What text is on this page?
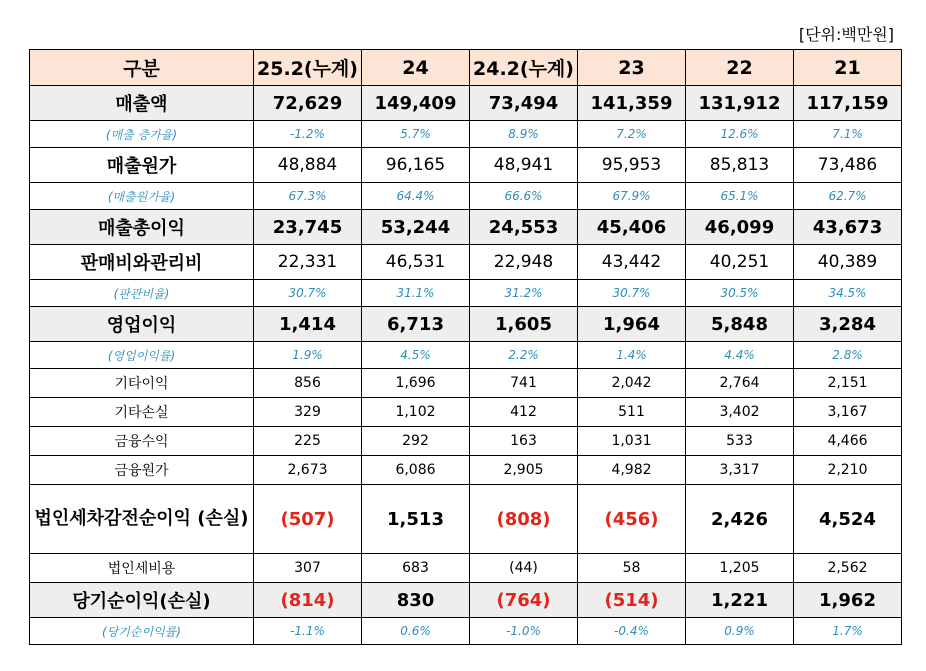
[단위:백만원]
구분	25.2(누계)	24	24.2(누계)	23	22	21
매출액	72,629	149,409	73,494	141,359	131,912	117,159
(매출 증가율)	-1.2%	5.7%	8.9%	7.2%	12.6%	7.1%
매출원가	48,884	96,165	48,941	95,953	85,813	73,486
(매출원가율)	67.3%	64.4%	66.6%	67.9%	65.1%	62.7%
매출총이익	23,745	53,244	24,553	45,406	46,099	43,673
판매비와관리비	22,331	46,531	22,948	43,442	40,251	40,389
(판관비율)	30.7%	31.1%	31.2%	30.7%	30.5%	34.5%
영업이익	1,414	6,713	1,605	1,964	5,848	3,284
(영업이익률)	1.9%	4.5%	2.2%	1.4%	4.4%	2.8%
기타이익	856	1,696	741	2,042	2,764	2,151
기타손실	329	1,102	412	511	3,402	3,167
금융수익	225	292	163	1,031	533	4,466
금융원가	2,673	6,086	2,905	4,982	3,317	2,210
법인세차감전순이익 (손실)	(507)	1,513	(808)	(456)	2,426	4,524
법인세비용	307	683	(44)	58	1,205	2,562
당기순이익(손실)	(814)	830	(764)	(514)	1,221	1,962
(당기순이익률)	-1.1%	0.6%	-1.0%	-0.4%	0.9%	1.7%
